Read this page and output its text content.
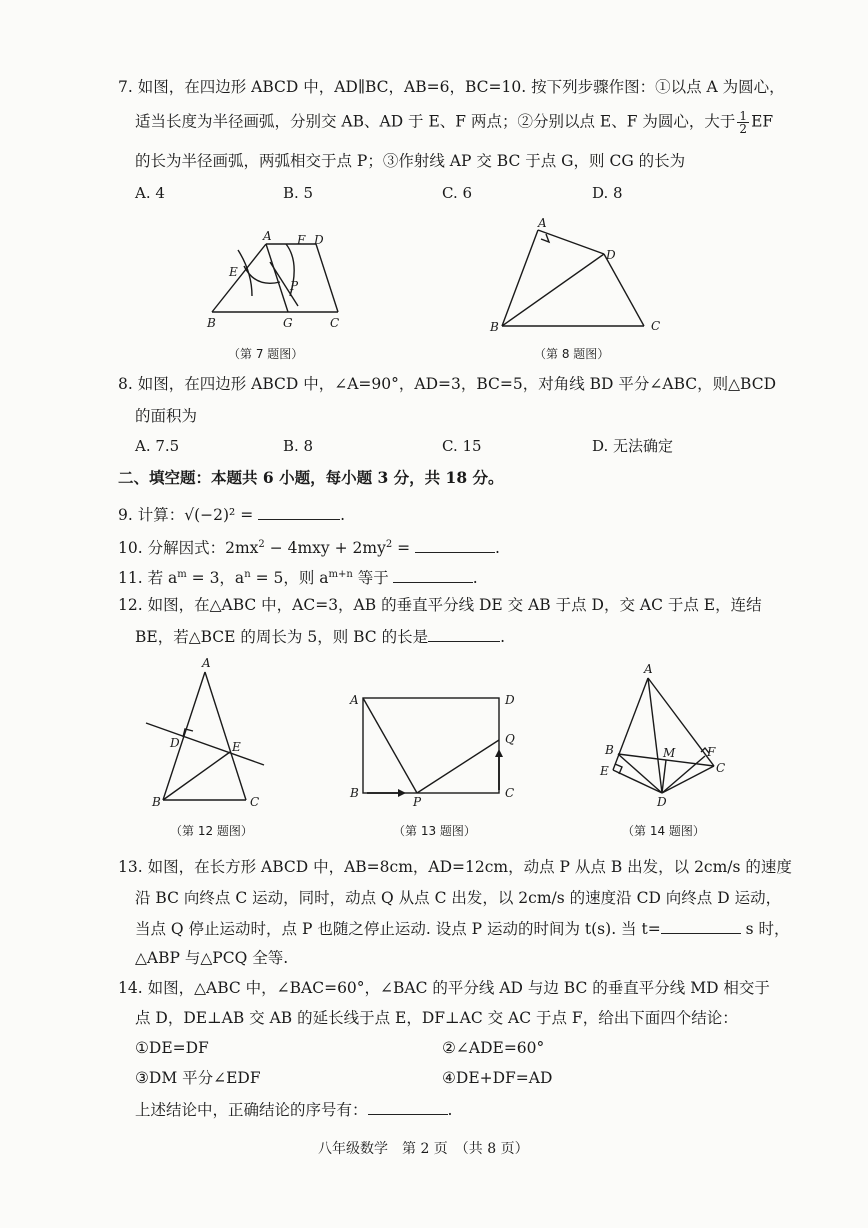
7. 如图，在四边形 ABCD 中，AD∥BC，AB=6，BC=10. 按下列步骤作图：①以点 A 为圆心，
适当长度为半径画弧，分别交 AB、AD 于 E、F 两点；②分别以点 E、F 为圆心，大于 $\frac{1}{2}$ EF
的长为半径画弧，两弧相交于点 P；③作射线 AP 交 BC 于点 G，则 CG 的长为
A. 4	B. 5	C. 6	D. 8
A F D
E
P
B	G	C
（第 7 题图）
A
D
B	C
（第 8 题图）
8. 如图，在四边形 ABCD 中，∠A=90°，AD=3，BC=5，对角线 BD 平分∠ABC，则△BCD
的面积为
A. 7.5	B. 8	C. 15	D. 无法确定
二、填空题：本题共 6 小题，每小题 3 分，共 18 分。
9. 计算：√(−2)² =	.
10. 分解因式：$2mx^2 - 4mxy + 2my^2$ =	.
11. 若 $a^m = 3$，$a^n = 5$，则 $a^{m+n}$ 等于	.
12. 如图，在△ABC 中，AC=3，AB 的垂直平分线 DE 交 AB 于点 D，交 AC 于点 E，连结
BE，若△BCE 的周长为 5，则 BC 的长是	.
A
D	E
B	C
（第 12 题图）
A	D
Q
B
P
C
（第 13 题图）
A
B	M	F
C
E
D
（第 14 题图）
13. 如图，在长方形 ABCD 中，AB=8cm，AD=12cm，动点 P 从点 B 出发，以 2cm/s 的速度
沿 BC 向终点 C 运动，同时，动点 Q 从点 C 出发，以 2cm/s 的速度沿 CD 向终点 D 运动，
当点 Q 停止运动时，点 P 也随之停止运动. 设点 P 运动的时间为 t(s). 当 t=	s 时，
△ABP 与△PCQ 全等.
14. 如图，△ABC 中，∠BAC=60°，∠BAC 的平分线 AD 与边 BC 的垂直平分线 MD 相交于
点 D，DE⊥AB 交 AB 的延长线于点 E，DF⊥AC 交 AC 于点 F，给出下面四个结论：
①DE=DF	②∠ADE=60°
③DM 平分∠EDF	④DE+DF=AD
上述结论中，正确结论的序号有：	.
八年级数学　第 2 页　（共 8 页）
